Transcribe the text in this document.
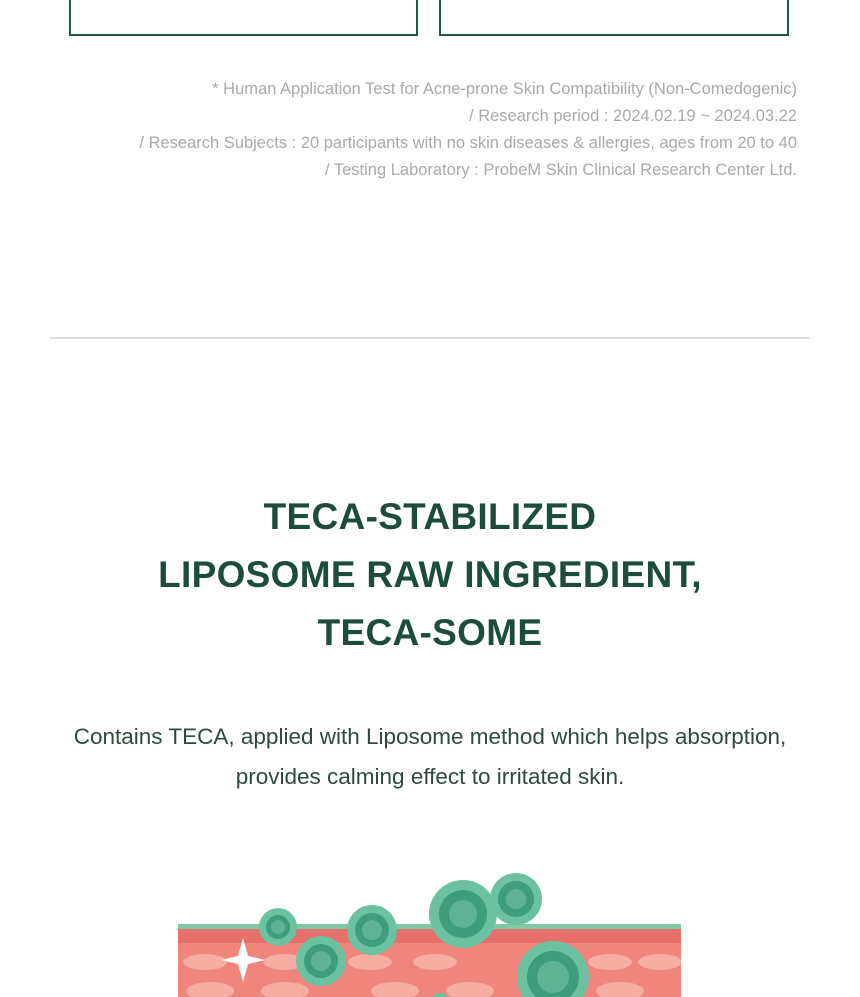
* Human Application Test for Acne-prone Skin Compatibility (Non-Comedogenic)
/ Research period : 2024.02.19 ~ 2024.03.22
/ Research Subjects : 20 participants with no skin diseases & allergies, ages from 20 to 40
/ Testing Laboratory : ProbeM Skin Clinical Research Center Ltd.
TECA-STABILIZED
LIPOSOME RAW INGREDIENT,
TECA-SOME
Contains TECA, applied with Liposome method which helps absorption,
provides calming effect to irritated skin.
